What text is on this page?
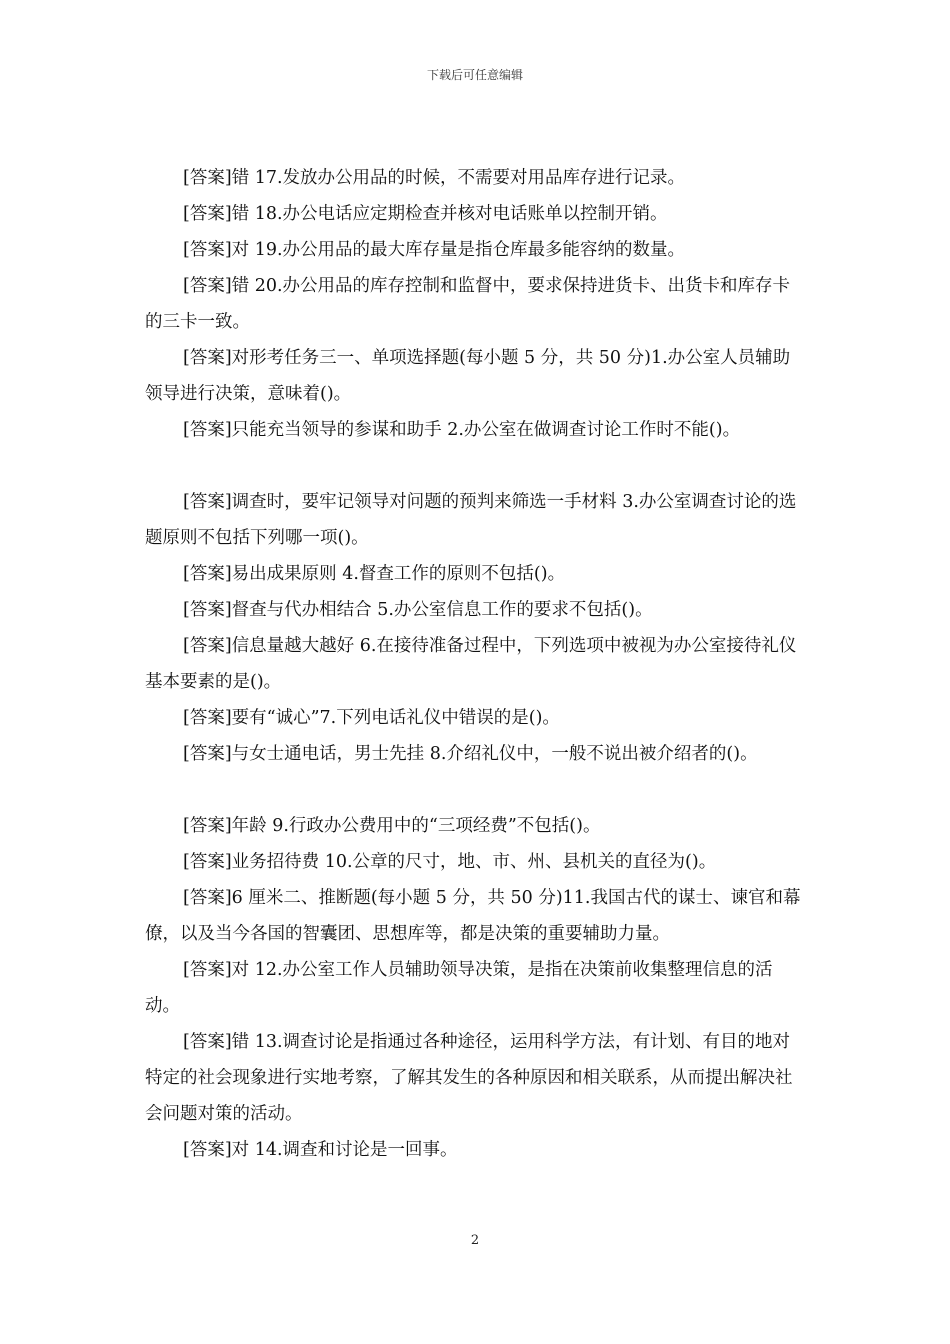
下载后可任意编辑

[答案]错 17.发放办公用品的时候，不需要对用品库存进行记录。

[答案]错 18.办公电话应定期检查并核对电话账单以控制开销。

[答案]对 19.办公用品的最大库存量是指仓库最多能容纳的数量。

[答案]错 20.办公用品的库存控制和监督中，要求保持进货卡、出货卡和库存卡的三卡一致。

[答案]对形考任务三一、单项选择题(每小题 5 分，共 50 分)1.办公室人员辅助领导进行决策，意味着()。

[答案]只能充当领导的参谋和助手 2.办公室在做调查讨论工作时不能()。

[答案]调查时，要牢记领导对问题的预判来筛选一手材料 3.办公室调查讨论的选题原则不包括下列哪一项()。

[答案]易出成果原则 4.督查工作的原则不包括()。

[答案]督查与代办相结合 5.办公室信息工作的要求不包括()。

[答案]信息量越大越好 6.在接待准备过程中，下列选项中被视为办公室接待礼仪基本要素的是()。

[答案]要有“诚心”7.下列电话礼仪中错误的是()。

[答案]与女士通电话，男士先挂 8.介绍礼仪中，一般不说出被介绍者的()。

[答案]年龄 9.行政办公费用中的“三项经费”不包括()。

[答案]业务招待费 10.公章的尺寸，地、市、州、县机关的直径为()。

[答案]6 厘米二、推断题(每小题 5 分，共 50 分)11.我国古代的谋士、谏官和幕僚，以及当今各国的智囊团、思想库等，都是决策的重要辅助力量。

[答案]对 12.办公室工作人员辅助领导决策，是指在决策前收集整理信息的活动。

[答案]错 13.调查讨论是指通过各种途径，运用科学方法，有计划、有目的地对特定的社会现象进行实地考察，了解其发生的各种原因和相关联系，从而提出解决社会问题对策的活动。

[答案]对 14.调查和讨论是一回事。

2
